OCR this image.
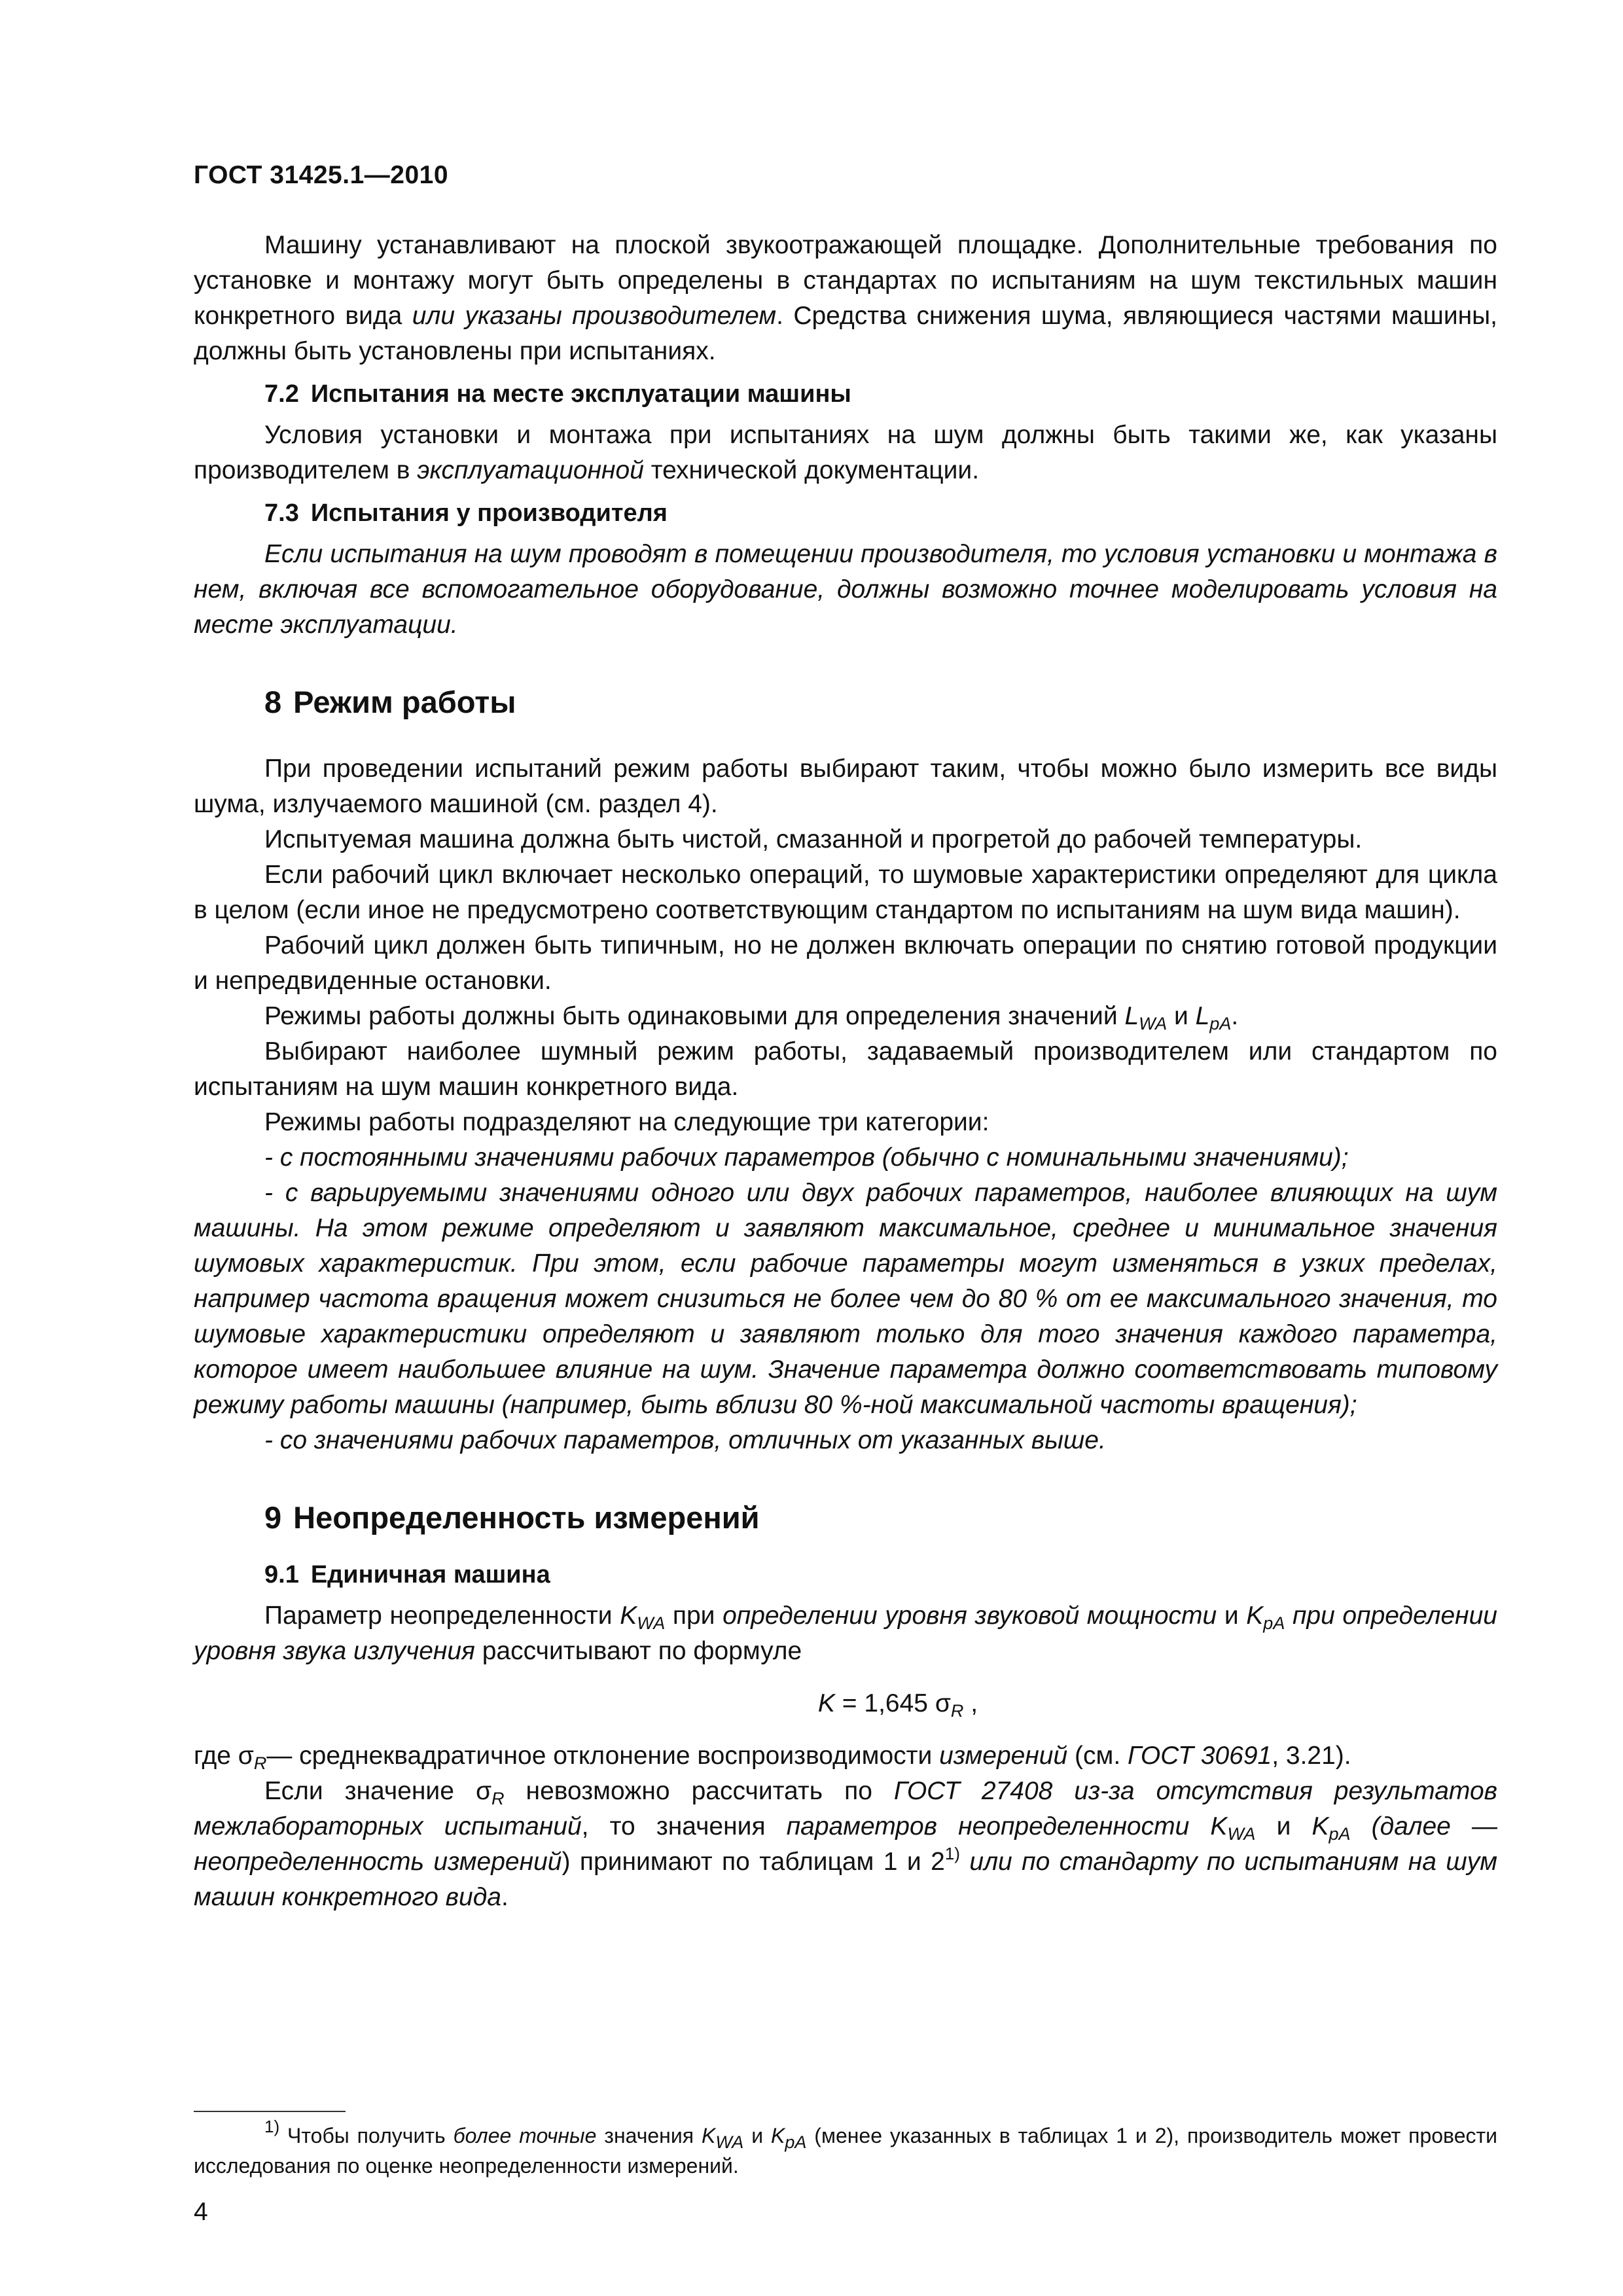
ГОСТ 31425.1—2010

Машину устанавливают на плоской звукоотражающей площадке. Дополнительные требования по установке и монтажу могут быть определены в стандартах по испытаниям на шум текстильных машин конкретного вида или указаны производителем. Средства снижения шума, являющиеся частями машины, должны быть установлены при испытаниях.

7.2 Испытания на месте эксплуатации машины

Условия установки и монтажа при испытаниях на шум должны быть такими же, как указаны производителем в эксплуатационной технической документации.

7.3 Испытания у производителя

Если испытания на шум проводят в помещении производителя, то условия установки и монтажа в нем, включая все вспомогательное оборудование, должны возможно точнее моделировать условия на месте эксплуатации.

8 Режим работы

При проведении испытаний режим работы выбирают таким, чтобы можно было измерить все виды шума, излучаемого машиной (см. раздел 4).

Испытуемая машина должна быть чистой, смазанной и прогретой до рабочей температуры.

Если рабочий цикл включает несколько операций, то шумовые характеристики определяют для цикла в целом (если иное не предусмотрено соответствующим стандартом по испытаниям на шум вида машин).

Рабочий цикл должен быть типичным, но не должен включать операции по снятию готовой продукции и непредвиденные остановки.

Режимы работы должны быть одинаковыми для определения значений $L_{WA}$ и $L_{pA}$.

Выбирают наиболее шумный режим работы, задаваемый производителем или стандартом по испытаниям на шум машин конкретного вида.

Режимы работы подразделяют на следующие три категории:

- с постоянными значениями рабочих параметров (обычно с номинальными значениями);

- с варьируемыми значениями одного или двух рабочих параметров, наиболее влияющих на шум машины. На этом режиме определяют и заявляют максимальное, среднее и минимальное значения шумовых характеристик. При этом, если рабочие параметры могут изменяться в узких пределах, например частота вращения может снизиться не более чем до 80 % от ее максимального значения, то шумовые характеристики определяют и заявляют только для того значения каждого параметра, которое имеет наибольшее влияние на шум. Значение параметра должно соответствовать типовому режиму работы машины (например, быть вблизи 80 %-ной максимальной частоты вращения);

- со значениями рабочих параметров, отличных от указанных выше.

9 Неопределенность измерений
9.1 Единичная машина

Параметр неопределенности $K_{WA}$ при определении уровня звуковой мощности и $K_{pA}$ при определении уровня звука излучения рассчитывают по формуле

K = 1,645 $\sigma_R$ ,

где $\sigma_R—$ среднеквадратичное отклонение воспроизводимости измерений (см. ГОСТ 30691, 3.21).

Если значение $\sigma_R$ невозможно рассчитать по ГОСТ 27408 из-за отсутствия результатов межлабораторных испытаний, то значения параметров неопределенности $K_{WA}$ и $K_{pA}$ (далее — неопределенность измерений) принимают по таблицам 1 и 2$^{1)}$ или по стандарту по испытаниям на шум машин конкретного вида.

$^{1)}$ Чтобы получить более точные значения $K_{WA}$ и $K_{pA}$ (менее указанных в таблицах 1 и 2), производитель может провести исследования по оценке неопределенности измерений.
4
